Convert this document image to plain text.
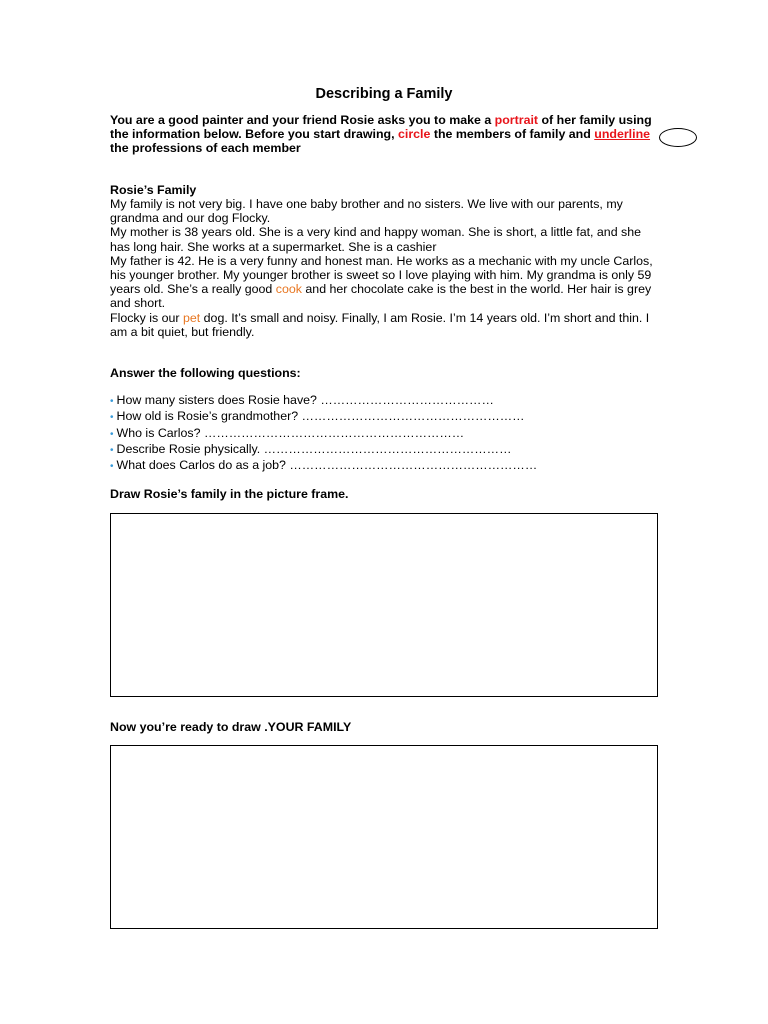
Describing a Family
You are a good painter and your friend Rosie asks you to make a portrait of her family using the information below. Before you start drawing, circle the members of family and underline the professions of each member
Rosie’s Family

My family is not very big. I have one baby brother and no sisters. We live with our parents, my grandma and our dog Flocky.

My mother is 38 years old. She is a very kind and happy woman. She is short, a little fat, and she has long hair. She works at a supermarket. She is a cashier

My father is 42. He is a very funny and honest man. He works as a mechanic with my uncle Carlos, his younger brother. My younger brother is sweet so I love playing with him. My grandma is only 59 years old. She’s a really good cook and her chocolate cake is the best in the world. Her hair is grey and short.

Flocky is our pet dog. It’s small and noisy. Finally, I am Rosie. I’m 14 years old. I’m short and thin. I am a bit quiet, but friendly.

Answer the following questions:
• How many sisters does Rosie have? ……………………………………
• How old is Rosie’s grandmother? ………………………………………………
• Who is Carlos? ………………………………………………………
• Describe Rosie physically. ……………………………………………………
• What does Carlos do as a job? ……………………………………………………
Draw Rosie’s family in the picture frame.
Now you’re ready to draw .YOUR FAMILY
